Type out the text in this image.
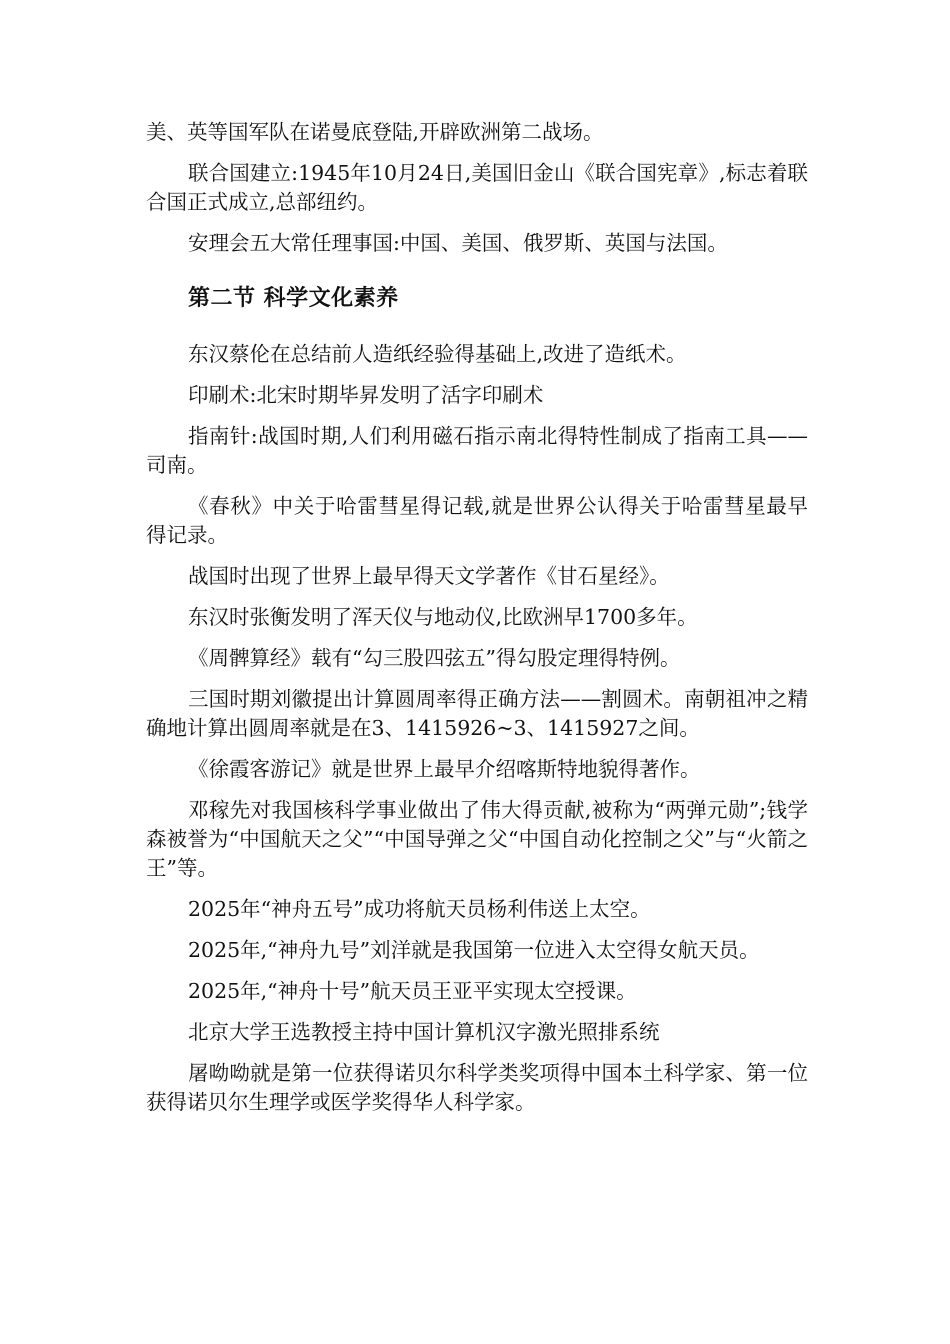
美、英等国军队在诺曼底登陆,开辟欧洲第二战场。

联合国建立:1945年10月24日,美国旧金山《联合国宪章》,标志着联合国正式成立,总部纽约。

安理会五大常任理事国:中国、美国、俄罗斯、英国与法国。

第二节 科学文化素养

东汉蔡伦在总结前人造纸经验得基础上,改进了造纸术。

印刷术:北宋时期毕昇发明了活字印刷术

指南针:战国时期,人们利用磁石指示南北得特性制成了指南工具——司南。

《春秋》中关于哈雷彗星得记载,就是世界公认得关于哈雷彗星最早得记录。

战国时出现了世界上最早得天文学著作《甘石星经》。

东汉时张衡发明了浑天仪与地动仪,比欧洲早1700多年。

《周髀算经》载有“勾三股四弦五”得勾股定理得特例。

三国时期刘徽提出计算圆周率得正确方法——割圆术。南朝祖冲之精确地计算出圆周率就是在3、1415926~3、1415927之间。

《徐霞客游记》就是世界上最早介绍喀斯特地貌得著作。

邓稼先对我国核科学事业做出了伟大得贡献,被称为“两弹元勋”;钱学森被誉为“中国航天之父”“中国导弹之父“中国自动化控制之父”与“火箭之王”等。

2025年“神舟五号”成功将航天员杨利伟送上太空。

2025年,“神舟九号”刘洋就是我国第一位进入太空得女航天员。

2025年,“神舟十号”航天员王亚平实现太空授课。

北京大学王选教授主持中国计算机汉字激光照排系统

屠呦呦就是第一位获得诺贝尔科学类奖项得中国本土科学家、第一位获得诺贝尔生理学或医学奖得华人科学家。
